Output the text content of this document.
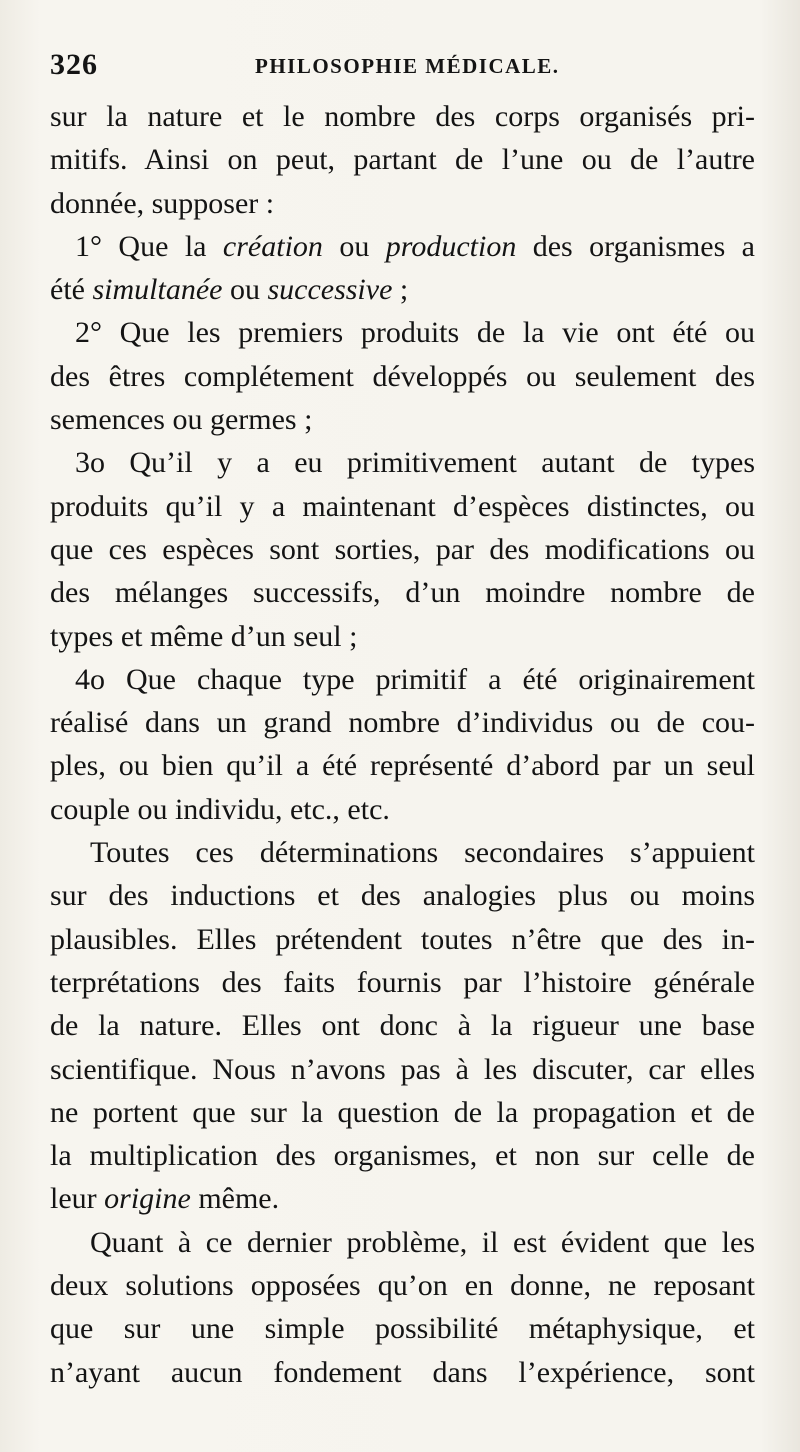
326	PHILOSOPHIE MÉDICALE.
sur la nature et le nombre des corps organisés pri-
mitifs. Ainsi on peut, partant de l’une ou de l’autre
donnée, supposer :
1° Que la création ou production des organismes a
été simultanée ou successive ;
2° Que les premiers produits de la vie ont été ou
des êtres complétement développés ou seulement des
semences ou germes ;
3o Qu’il y a eu primitivement autant de types
produits qu’il y a maintenant d’espèces distinctes, ou
que ces espèces sont sorties, par des modifications ou
des mélanges successifs, d’un moindre nombre de
types et même d’un seul ;
4o Que chaque type primitif a été originairement
réalisé dans un grand nombre d’individus ou de cou-
ples, ou bien qu’il a été représenté d’abord par un seul
couple ou individu, etc., etc.
Toutes ces déterminations secondaires s’appuient
sur des inductions et des analogies plus ou moins
plausibles. Elles prétendent toutes n’être que des in-
terprétations des faits fournis par l’histoire générale
de la nature. Elles ont donc à la rigueur une base
scientifique. Nous n’avons pas à les discuter, car elles
ne portent que sur la question de la propagation et de
la multiplication des organismes, et non sur celle de
leur origine même.
Quant à ce dernier problème, il est évident que les
deux solutions opposées qu’on en donne, ne reposant
que sur une simple possibilité métaphysique, et
n’ayant aucun fondement dans l’expérience, sont
